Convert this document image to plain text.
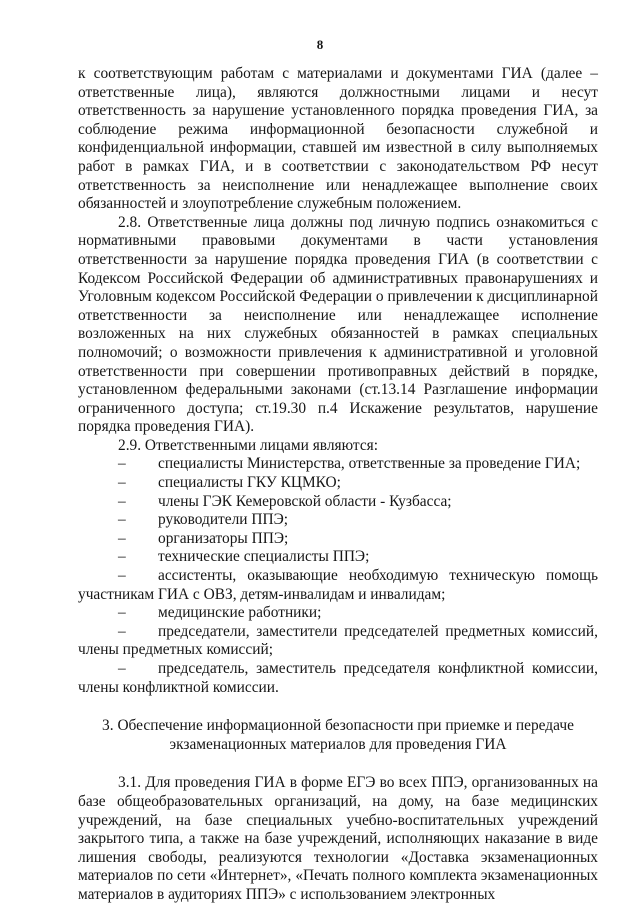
8

к соответствующим работам с материалами и документами ГИА (далее – ответственные лица), являются должностными лицами и несут ответственность за нарушение установленного порядка проведения ГИА, за соблюдение режима информационной безопасности служебной и конфиденциальной информации, ставшей им известной в силу выполняемых работ в рамках ГИА, и в соответствии с законодательством РФ несут ответственность за неисполнение или ненадлежащее выполнение своих обязанностей и злоупотребление служебным положением.

2.8. Ответственные лица должны под личную подпись ознакомиться с нормативными правовыми документами в части установления ответственности за нарушение порядка проведения ГИА (в соответствии с Кодексом Российской Федерации об административных правонарушениях и Уголовным кодексом Российской Федерации о привлечении к дисциплинарной ответственности за неисполнение или ненадлежащее исполнение возложенных на них служебных обязанностей в рамках специальных полномочий; о возможности привлечения к административной и уголовной ответственности при совершении противоправных действий в порядке, установленном федеральными законами (ст.13.14 Разглашение информации ограниченного доступа; ст.19.30 п.4 Искажение результатов, нарушение порядка проведения ГИА).

2.9. Ответственными лицами являются:

–	специалисты Министерства, ответственные за проведение ГИА;
–	специалисты ГКУ КЦМКО;
–	члены ГЭК Кемеровской области - Кузбасса;
–	руководители ППЭ;
–	организаторы ППЭ;
–	технические специалисты ППЭ;

– ассистенты, оказывающие необходимую техническую помощь участникам ГИА с ОВЗ, детям-инвалидам и инвалидам;

–	медицинские работники;

– председатели, заместители председателей предметных комиссий, члены предметных комиссий;

– председатель, заместитель председателя конфликтной комиссии, члены конфликтной комиссии.

3. Обеспечение информационной безопасности при приемке и передаче
экзаменационных материалов для проведения ГИА

3.1. Для проведения ГИА в форме ЕГЭ во всех ППЭ, организованных на базе общеобразовательных организаций, на дому, на базе медицинских учреждений, на базе специальных учебно-воспитательных учреждений закрытого типа, а также на базе учреждений, исполняющих наказание в виде лишения свободы, реализуются технологии «Доставка экзаменационных материалов по сети «Интернет», «Печать полного комплекта экзаменационных материалов в аудиториях ППЭ» с использованием электронных
